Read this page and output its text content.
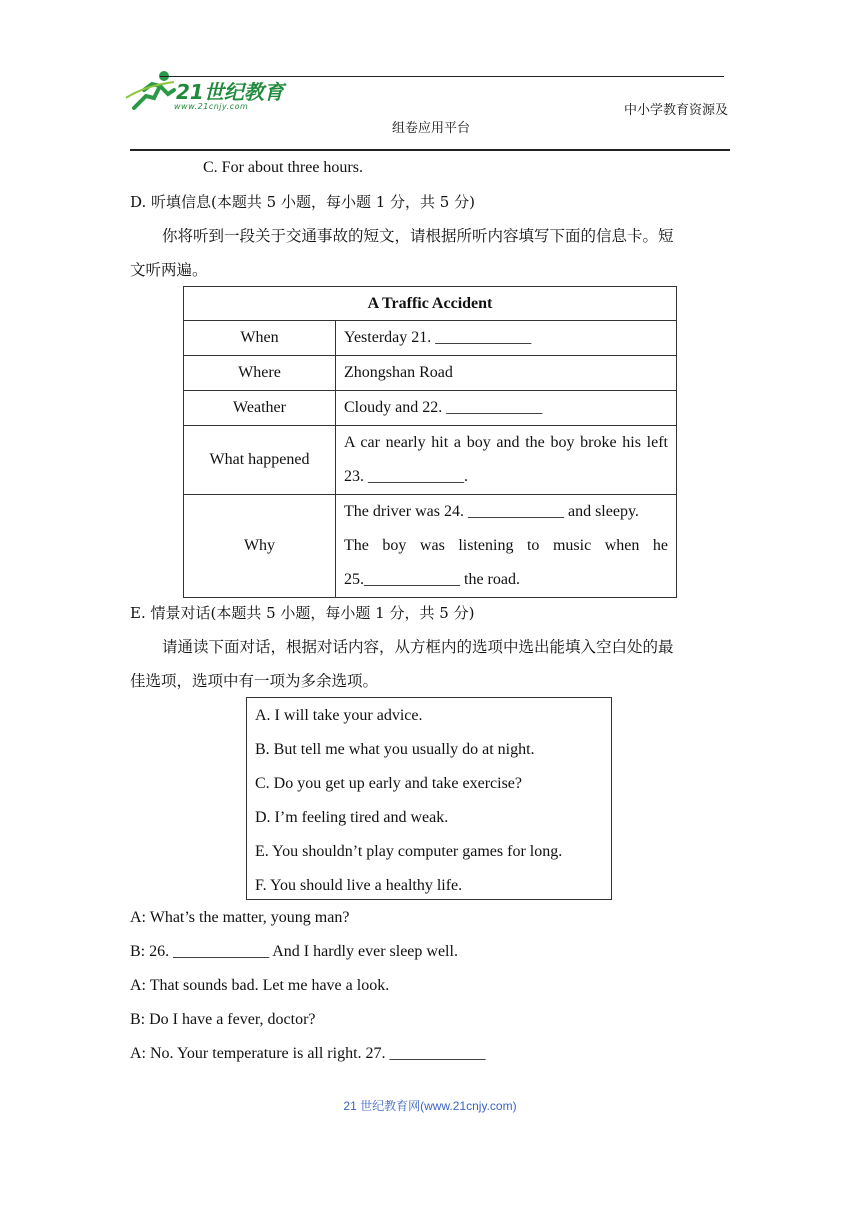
21世纪教育
www.21cnjy.com	中小学教育资源及
组卷应用平台
C. For about three hours.
D. 听填信息(本题共 5 小题，每小题 1 分，共 5 分)
你将听到一段关于交通事故的短文，请根据所听内容填写下面的信息卡。短
文听两遍。
A Traffic Accident	
When	Yesterday 21. ____________
Where	Zhongshan Road
Weather	Cloudy and 22. ____________
What happened	A car nearly hit a boy and the boy broke his left 23. ____________.
Why	The driver was 24. ____________ and sleepy.
The boy was listening to music when he 25.____________ the road.
E. 情景对话(本题共 5 小题，每小题 1 分，共 5 分)
请通读下面对话，根据对话内容，从方框内的选项中选出能填入空白处的最
佳选项，选项中有一项为多余选项。
A. I will take your advice.
B. But tell me what you usually do at night.
C. Do you get up early and take exercise?
D. I’m feeling tired and weak.
E. You shouldn’t play computer games for long.
F. You should live a healthy life.
A: What’s the matter, young man?
B: 26. ____________ And I hardly ever sleep well.
A: That sounds bad. Let me have a look.
B: Do I have a fever, doctor?
A: No. Your temperature is all right. 27. ____________
21 世纪教育网(www.21cnjy.com)
